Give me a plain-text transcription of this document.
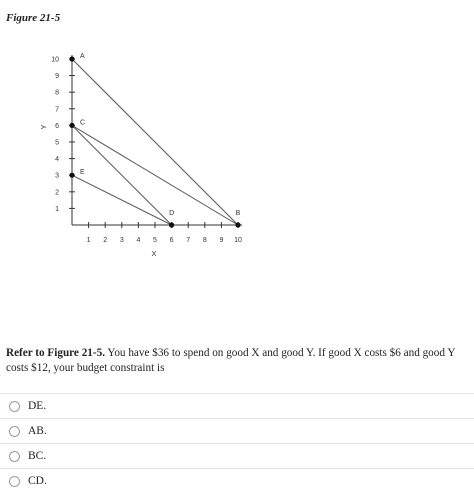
Figure 21-5
1
2
3
4
5
6
7
8
9
10
1 2 3 4 5 6 7 8 9 10
X
Y
A
C
E
D	B
Refer to Figure 21-5. You have $36 to spend on good X and good Y. If good X costs $6 and good Y costs $12, your budget constraint is
DE.
AB.
BC.
CD.
